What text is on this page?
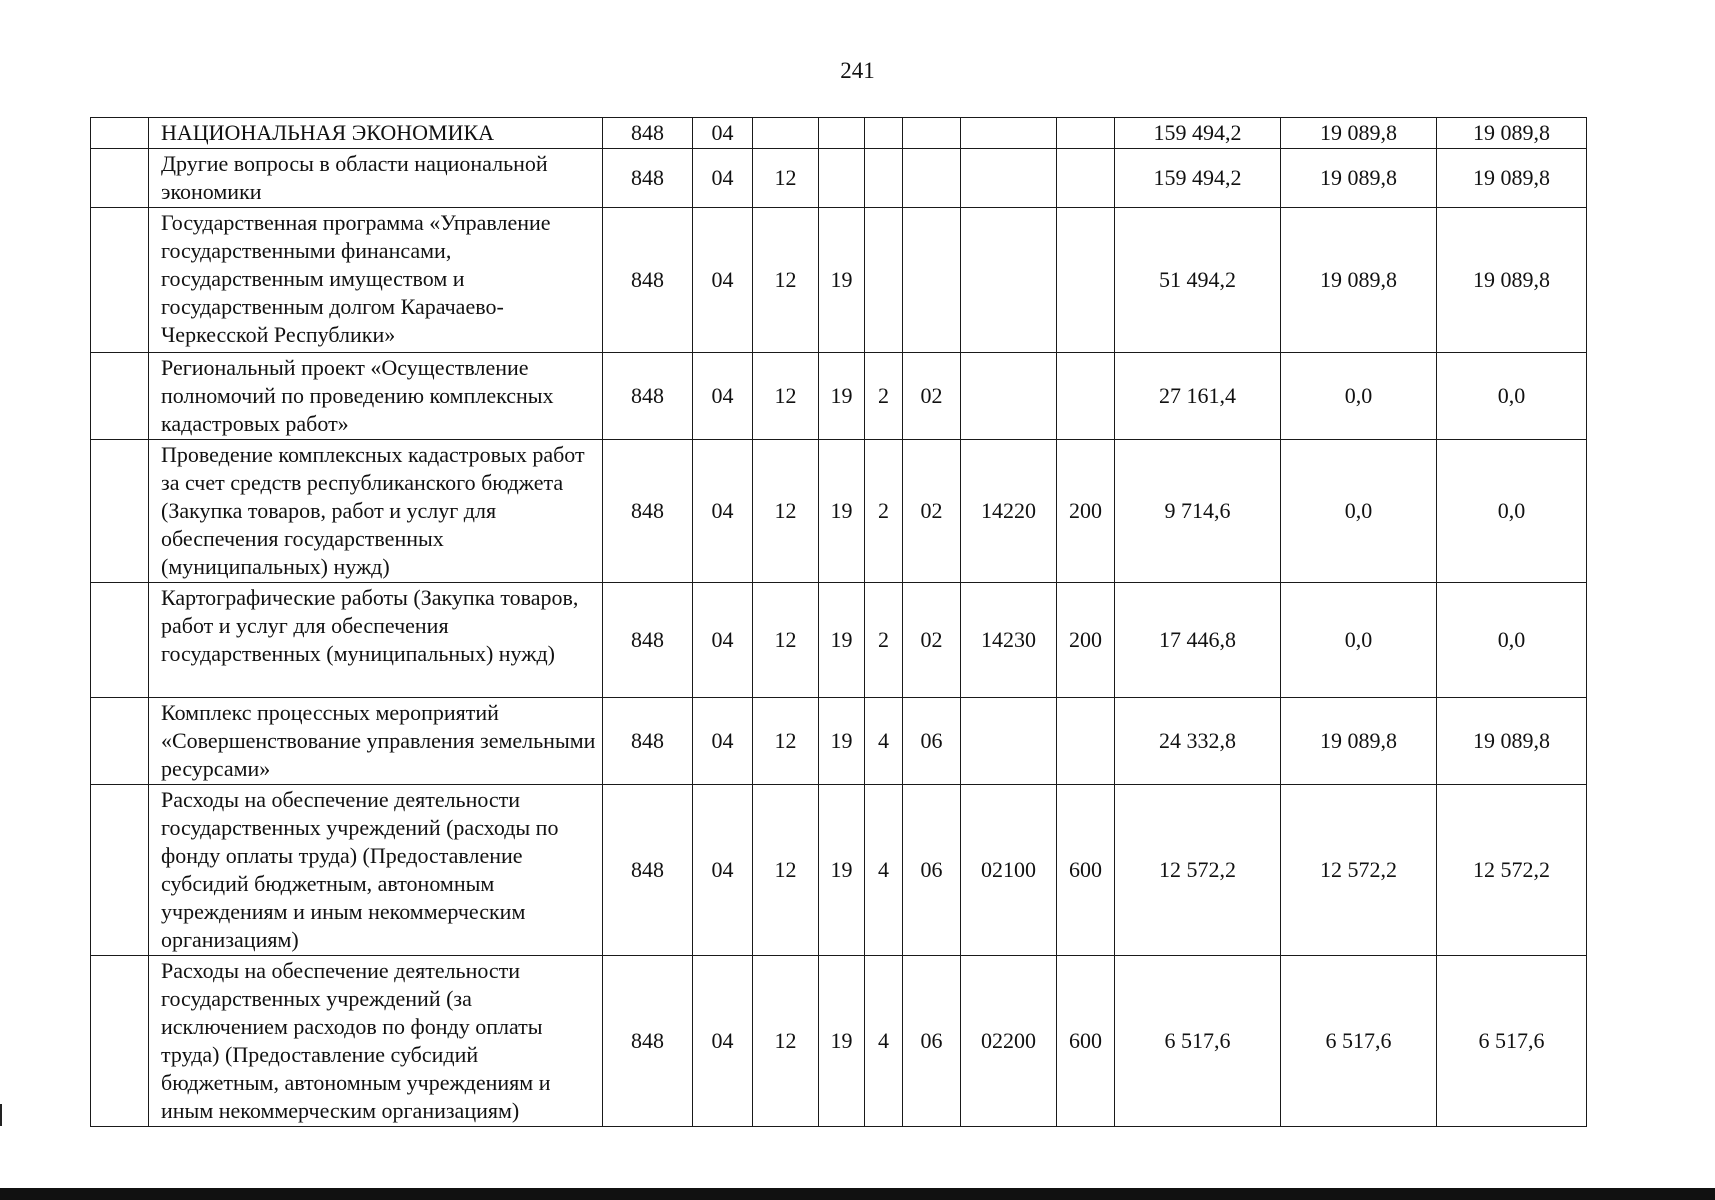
241
	НАЦИОНАЛЬНАЯ ЭКОНОМИКА	848	04							159 494,2	19 089,8	19 089,8
	Другие вопросы в области национальной экономики	848	04	12						159 494,2	19 089,8	19 089,8
	Государственная программа «Управление государственными финансами, государственным имуществом и государственным долгом Карачаево-Черкесской Республики»	848	04	12	19					51 494,2	19 089,8	19 089,8
	Региональный проект «Осуществление полномочий по проведению комплексных кадастровых работ»	848	04	12	19	2	02			27 161,4	0,0	0,0
	Проведение комплексных кадастровых работ за счет средств республиканского бюджета (Закупка товаров, работ и услуг для обеспечения государственных (муниципальных) нужд)	848	04	12	19	2	02	14220	200	9 714,6	0,0	0,0
	Картографические работы (Закупка товаров, работ и услуг для обеспечения государственных (муниципальных) нужд)	848	04	12	19	2	02	14230	200	17 446,8	0,0	0,0
	Комплекс процессных мероприятий «Совершенствование управления земельными ресурсами»	848	04	12	19	4	06			24 332,8	19 089,8	19 089,8
	Расходы на обеспечение деятельности государственных учреждений (расходы по фонду оплаты труда) (Предоставление субсидий бюджетным, автономным учреждениям и иным некоммерческим организациям)	848	04	12	19	4	06	02100	600	12 572,2	12 572,2	12 572,2
	Расходы на обеспечение деятельности государственных учреждений (за исключением расходов по фонду оплаты труда) (Предоставление субсидий бюджетным, автономным учреждениям и иным некоммерческим организациям)	848	04	12	19	4	06	02200	600	6 517,6	6 517,6	6 517,6
